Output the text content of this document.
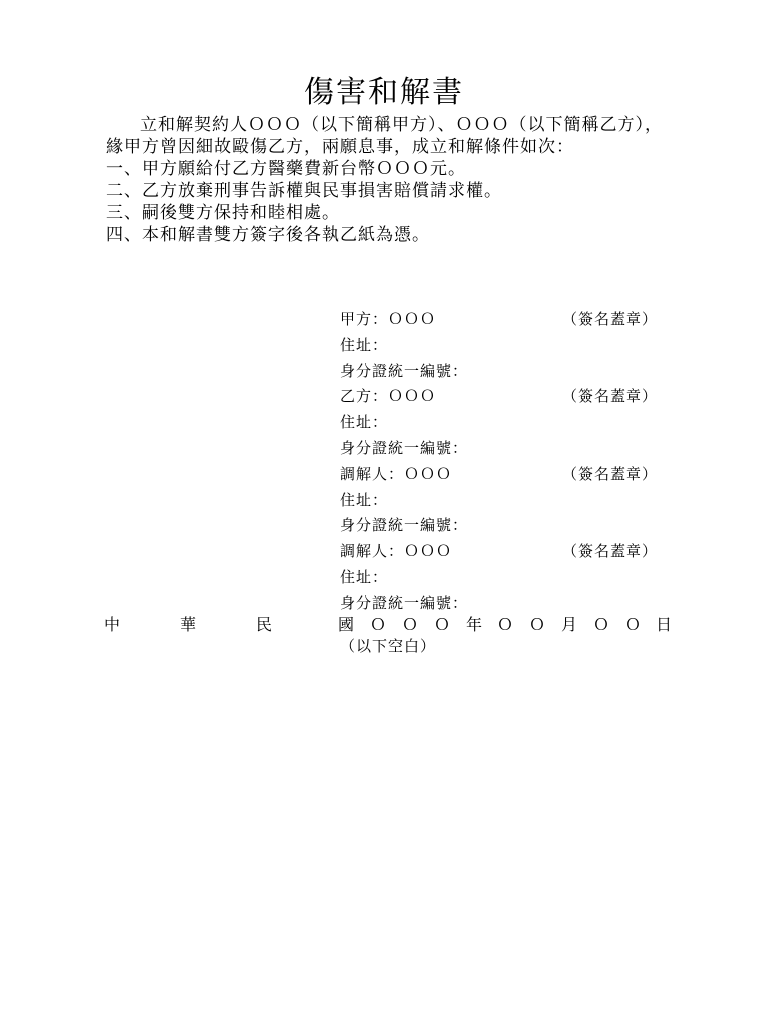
傷害和解書

立和解契約人ＯＯＯ（以下簡稱甲方）、ＯＯＯ（以下簡稱乙方），緣甲方曾因細故毆傷乙方，兩願息事，成立和解條件如次：

一、甲方願給付乙方醫藥費新台幣ＯＯＯ元。

二、乙方放棄刑事告訴權與民事損害賠償請求權。

三、嗣後雙方保持和睦相處。

四、本和解書雙方簽字後各執乙紙為憑。

甲方：ＯＯＯ	（簽名蓋章）
住址：
身分證統一編號：
乙方：ＯＯＯ	（簽名蓋章）
住址：
身分證統一編號：
調解人：ＯＯＯ	（簽名蓋章）
住址：
身分證統一編號：
調解人：ＯＯＯ	（簽名蓋章）
住址：
身分證統一編號：
中	華	民	國 Ｏ Ｏ Ｏ 年 Ｏ Ｏ 月 Ｏ Ｏ 日
（以下空白）
